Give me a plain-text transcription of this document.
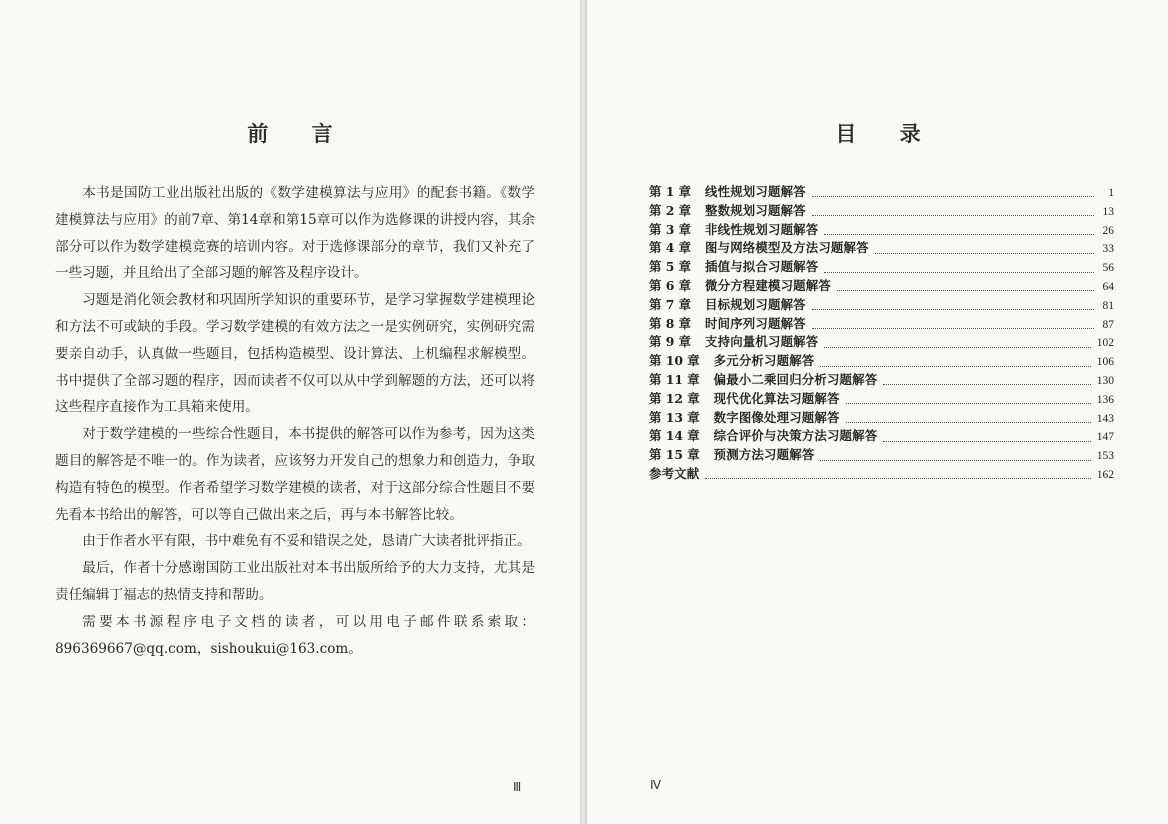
前 言

本书是国防工业出版社出版的《数学建模算法与应用》的配套书籍。《数学建模算法与应用》的前7章、第14章和第15章可以作为选修课的讲授内容，其余部分可以作为数学建模竞赛的培训内容。对于选修课部分的章节，我们又补充了一些习题，并且给出了全部习题的解答及程序设计。

习题是消化领会教材和巩固所学知识的重要环节，是学习掌握数学建模理论和方法不可或缺的手段。学习数学建模的有效方法之一是实例研究，实例研究需要亲自动手，认真做一些题目，包括构造模型、设计算法、上机编程求解模型。书中提供了全部习题的程序，因而读者不仅可以从中学到解题的方法，还可以将这些程序直接作为工具箱来使用。

对于数学建模的一些综合性题目，本书提供的解答可以作为参考，因为这类题目的解答是不唯一的。作为读者，应该努力开发自己的想象力和创造力，争取构造有特色的模型。作者希望学习数学建模的读者，对于这部分综合性题目不要先看本书给出的解答，可以等自己做出来之后，再与本书解答比较。

由于作者水平有限，书中难免有不妥和错误之处，恳请广大读者批评指正。

最后，作者十分感谢国防工业出版社对本书出版所给予的大力支持，尤其是责任编辑丁福志的热情支持和帮助。

需要本书源程序电子文档的读者，可以用电子邮件联系索取：896369667@qq.com，sishoukui@163.com。

Ⅲ
目 录
第 1 章 线性规划习题解答	1
第 2 章 整数规划习题解答	13
第 3 章 非线性规划习题解答	26
第 4 章 图与网络模型及方法习题解答	33
第 5 章 插值与拟合习题解答	56
第 6 章 微分方程建模习题解答	64
第 7 章 目标规划习题解答	81
第 8 章 时间序列习题解答	87
第 9 章 支持向量机习题解答	102
第 10 章 多元分析习题解答	106
第 11 章 偏最小二乘回归分析习题解答	130
第 12 章 现代优化算法习题解答	136
第 13 章 数字图像处理习题解答	143
第 14 章 综合评价与决策方法习题解答	147
第 15 章 预测方法习题解答	153
参考文献	162
Ⅳ
